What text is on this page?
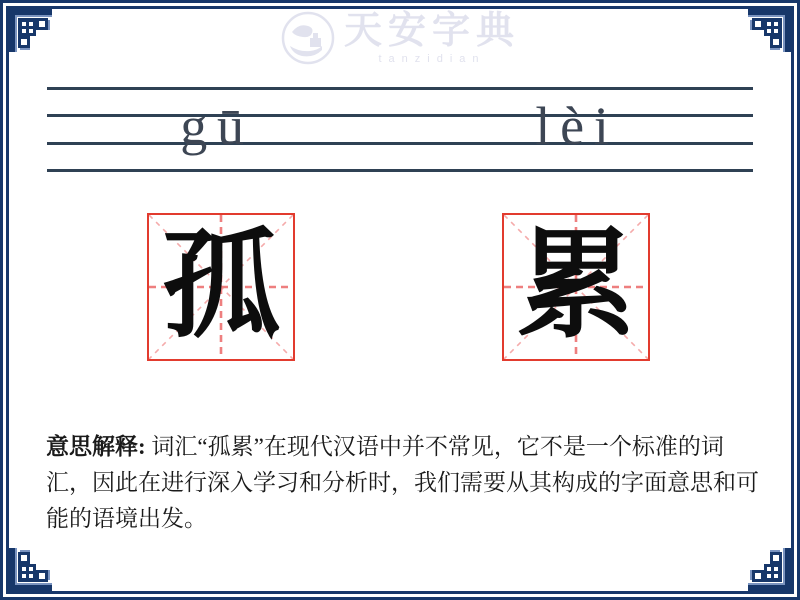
天安字典
tanzidian
gū	lèi
孤 累

意思解释: 词汇“孤累”在现代汉语中并不常见，它不是一个标准的词汇，因此在进行深入学习和分析时，我们需要从其构成的字面意思和可能的语境出发。
